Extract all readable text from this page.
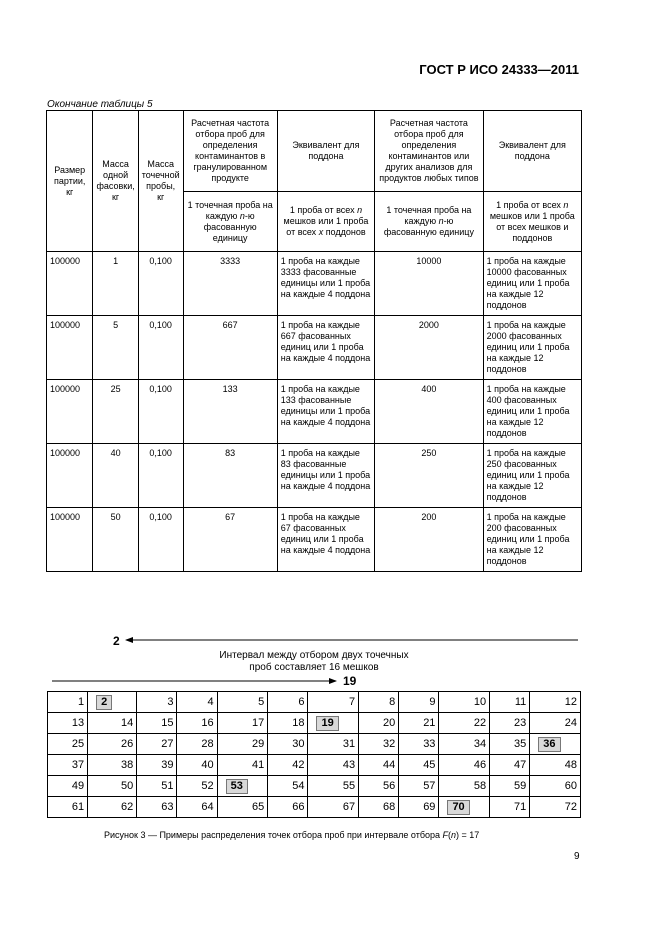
ГОСТ Р ИСО 24333—2011
Окончание таблицы 5
Размер партии, кг	Масса одной фасовки, кг	Масса точечной пробы, кг	Расчетная частота отбора проб для определения контаминантов в гранулированном продукте	Эквивалент для поддона	Расчетная частота отбора проб для определения контаминантов или других анализов для продуктов любых типов	Эквивалент для поддона
			1 точечная проба на каждую n-ю фасованную единицу	1 проба от всех n мешков или 1 проба от всех x поддонов	1 точечная проба на каждую n-ю фасованную единицу	1 проба от всех n мешков или 1 проба от всех мешков и поддонов
100000	1	0,100	3333	1 проба на каждые 3333 фасованные единицы или 1 проба на каждые 4 поддона	10000	1 проба на каждые 10000 фасованных единиц или 1 проба на каждые 12 поддонов
100000	5	0,100	667	1 проба на каждые 667 фасованных единиц или 1 проба на каждые 4 поддона	2000	1 проба на каждые 2000 фасованных единиц или 1 проба на каждые 12 поддонов
100000	25	0,100	133	1 проба на каждые 133 фасованные единицы или 1 проба на каждые 4 поддона	400	1 проба на каждые 400 фасованных единиц или 1 проба на каждые 12 поддонов
100000	40	0,100	83	1 проба на каждые 83 фасованные единицы или 1 проба на каждые 4 поддона	250	1 проба на каждые 250 фасованных единиц или 1 проба на каждые 12 поддонов
100000	50	0,100	67	1 проба на каждые 67 фасованных единиц или 1 проба на каждые 4 поддона	200	1 проба на каждые 200 фасованных единиц или 1 проба на каждые 12 поддонов
2
Интервал между отбором двух точечных
проб составляет 16 мешков
19
1	2	3	4	5	6	7	8	9	10	11	12
13	14	15	16	17	18	19	20	21	22	23	24
25	26	27	28	29	30	31	32	33	34	35	36
37	38	39	40	41	42	43	44	45	46	47	48
49	50	51	52	53	54	55	56	57	58	59	60
61	62	63	64	65	66	67	68	69	70	71	72
Рисунок 3 — Примеры распределения точек отбора проб при интервале отбора F(n) = 17
9
